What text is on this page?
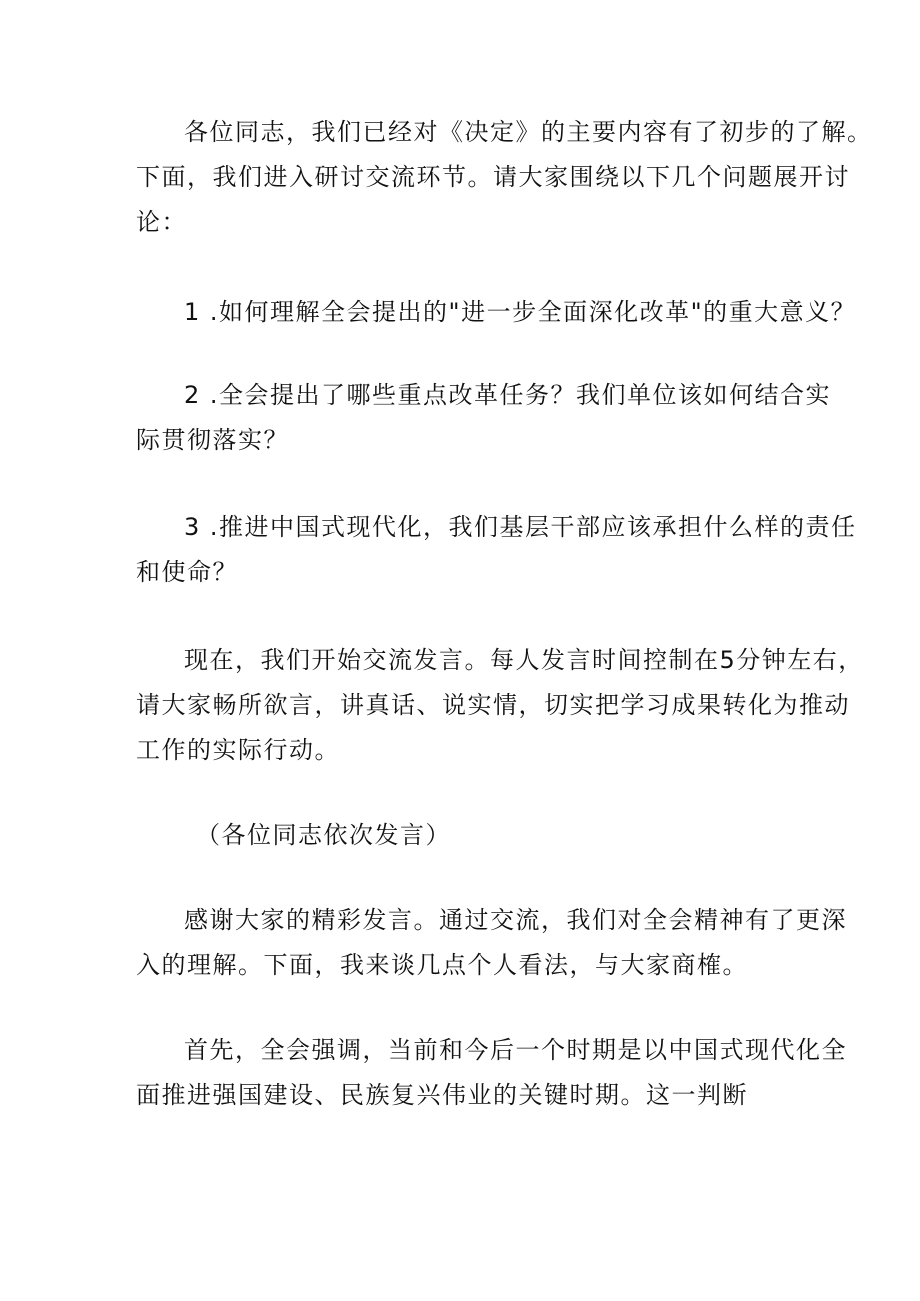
各位同志，我们已经对《决定》的主要内容有了初步的了解。
下面，我们进入研讨交流环节。请大家围绕以下几个问题展开讨
论：
1 .如何理解全会提出的"进一步全面深化改革"的重大意义？
2 .全会提出了哪些重点改革任务？我们单位该如何结合实
际贯彻落实？
3 .推进中国式现代化，我们基层干部应该承担什么样的责任
和使命？
现在，我们开始交流发言。每人发言时间控制在5分钟左右，
请大家畅所欲言，讲真话、说实情，切实把学习成果转化为推动
工作的实际行动。
（各位同志依次发言）
感谢大家的精彩发言。通过交流，我们对全会精神有了更深
入的理解。下面，我来谈几点个人看法，与大家商榷。
首先，全会强调，当前和今后一个时期是以中国式现代化全
面推进强国建设、民族复兴伟业的关键时期。这一判断
